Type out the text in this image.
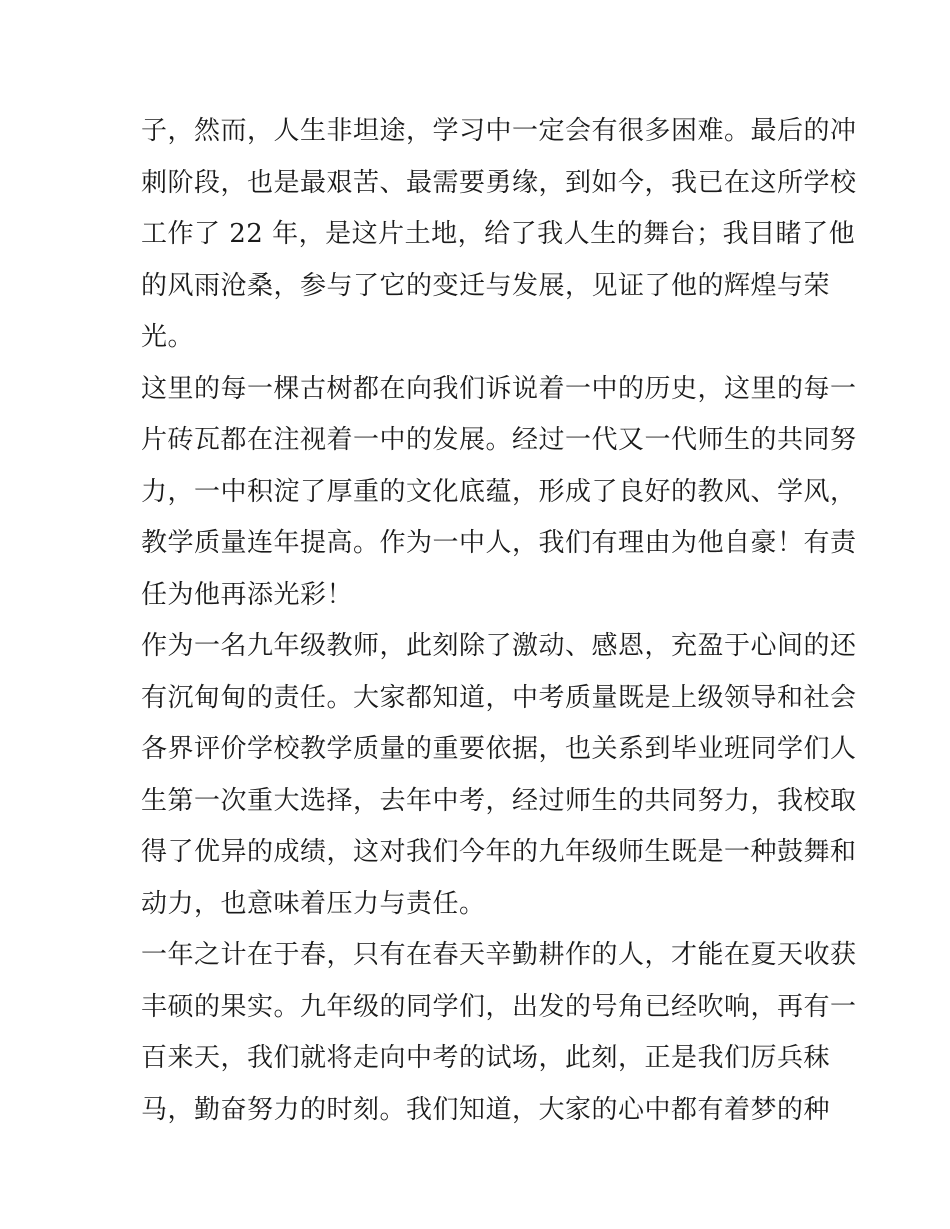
子，然而，人生非坦途，学习中一定会有很多困难。最后的冲
刺阶段，也是最艰苦、最需要勇缘，到如今，我已在这所学校
工作了 22 年，是这片土地，给了我人生的舞台；我目睹了他
的风雨沧桑，参与了它的变迁与发展，见证了他的辉煌与荣
光。
这里的每一棵古树都在向我们诉说着一中的历史，这里的每一
片砖瓦都在注视着一中的发展。经过一代又一代师生的共同努
力，一中积淀了厚重的文化底蕴，形成了良好的教风、学风，
教学质量连年提高。作为一中人，我们有理由为他自豪！有责
任为他再添光彩！
作为一名九年级教师，此刻除了激动、感恩，充盈于心间的还
有沉甸甸的责任。大家都知道，中考质量既是上级领导和社会
各界评价学校教学质量的重要依据，也关系到毕业班同学们人
生第一次重大选择，去年中考，经过师生的共同努力，我校取
得了优异的成绩，这对我们今年的九年级师生既是一种鼓舞和
动力，也意味着压力与责任。
一年之计在于春，只有在春天辛勤耕作的人，才能在夏天收获
丰硕的果实。九年级的同学们，出发的号角已经吹响，再有一
百来天，我们就将走向中考的试场，此刻，正是我们厉兵秣
马，勤奋努力的时刻。我们知道，大家的心中都有着梦的种
